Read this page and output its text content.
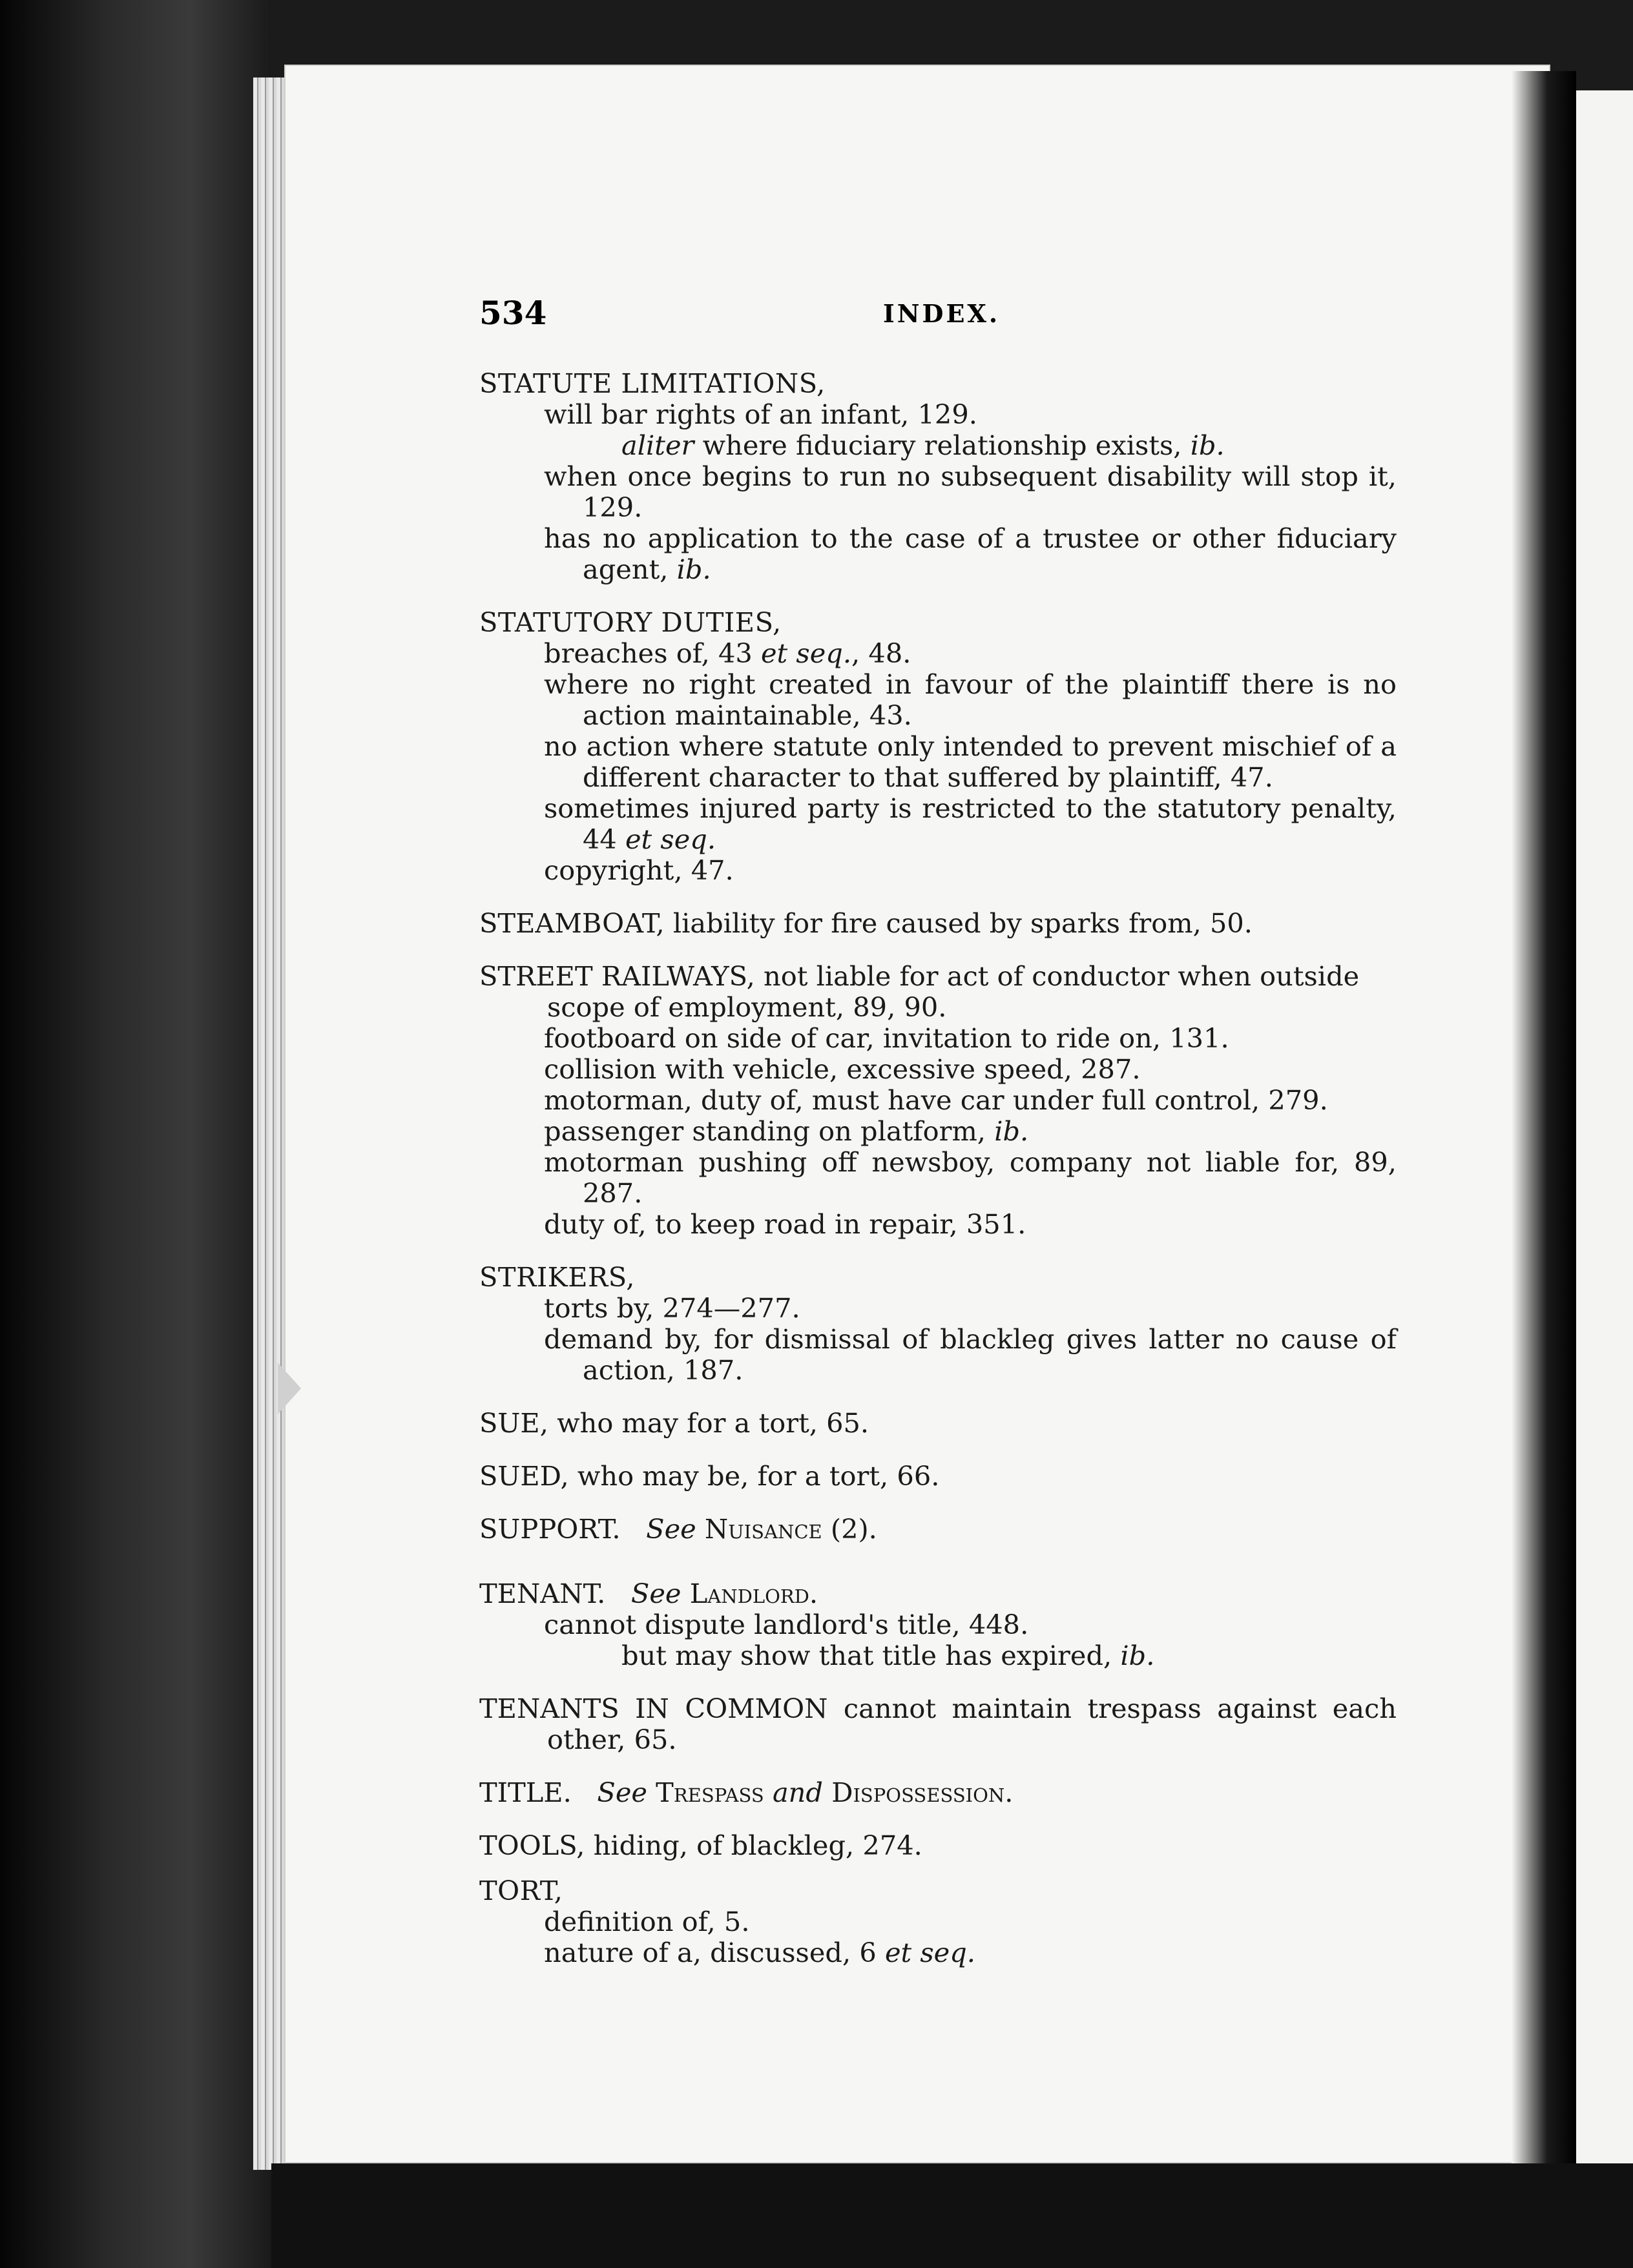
534	INDEX.
STATUTE LIMITATIONS,
will bar rights of an infant, 129.
aliter where fiduciary relationship exists, ib.
when once begins to run no subsequent disability will stop it, 129.
has no application to the case of a trustee or other fiduciary agent, ib.
STATUTORY DUTIES,
breaches of, 43 et seq., 48.
where no right created in favour of the plaintiff there is no action maintainable, 43.
no action where statute only intended to prevent mischief of a different character to that suffered by plaintiff, 47.
sometimes injured party is restricted to the statutory penalty, 44 et seq.
copyright, 47.
STEAMBOAT, liability for fire caused by sparks from, 50.
STREET RAILWAYS, not liable for act of conductor when outside scope of employment, 89, 90.
footboard on side of car, invitation to ride on, 131.
collision with vehicle, excessive speed, 287.
motorman, duty of, must have car under full control, 279.
passenger standing on platform, ib.
motorman pushing off newsboy, company not liable for, 89, 287.
duty of, to keep road in repair, 351.
STRIKERS,
torts by, 274—277.
demand by, for dismissal of blackleg gives latter no cause of action, 187.
SUE, who may for a tort, 65.
SUED, who may be, for a tort, 66.
SUPPORT. See Nuisance (2).
TENANT. See Landlord.
cannot dispute landlord's title, 448.
but may show that title has expired, ib.
TENANTS IN COMMON cannot maintain trespass against each other, 65.
TITLE. See Trespass and Dispossession.
TOOLS, hiding, of blackleg, 274.
TORT,
definition of, 5.
nature of a, discussed, 6 et seq.
